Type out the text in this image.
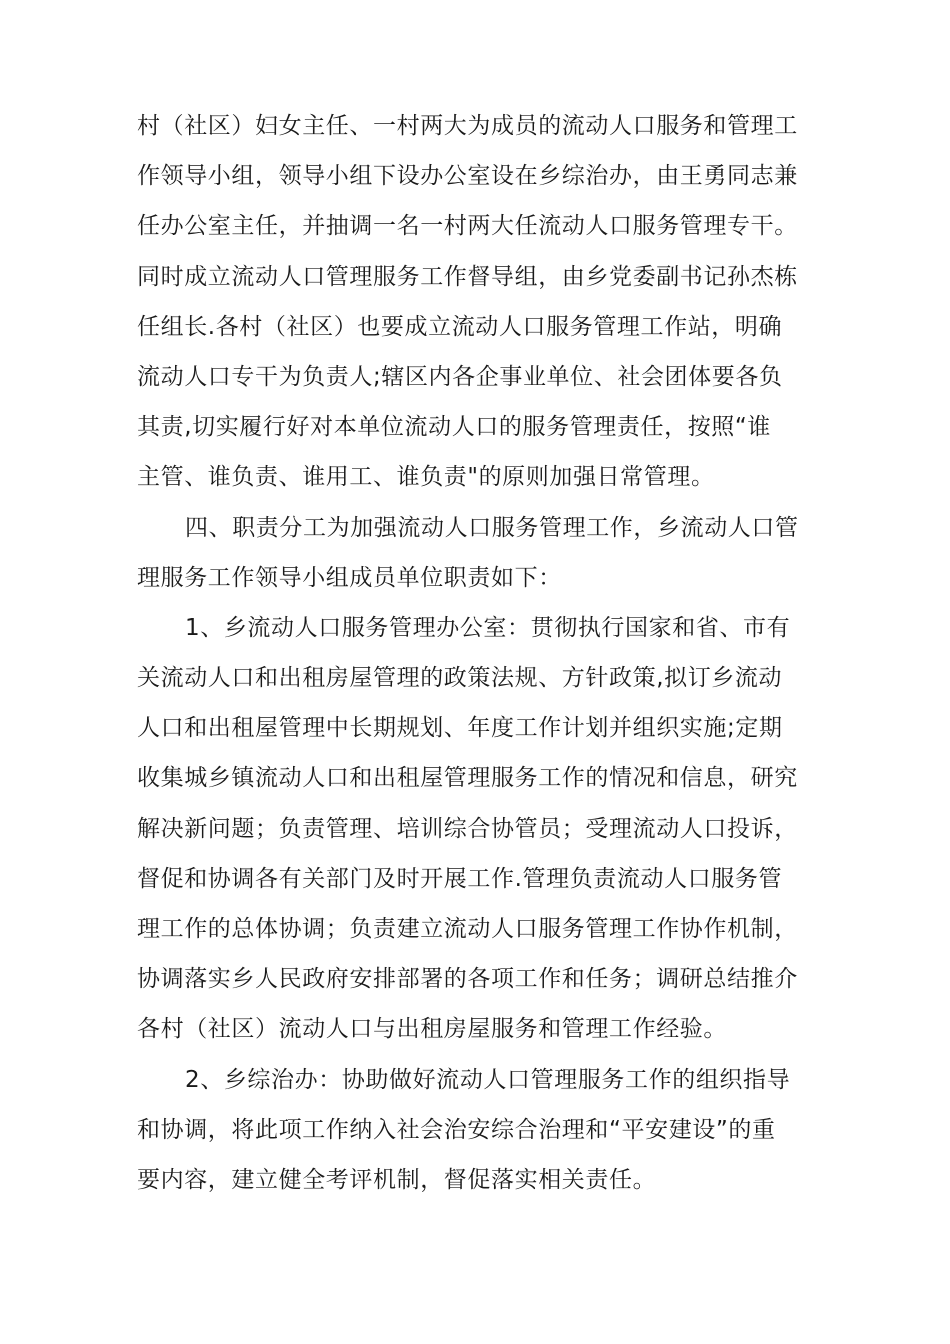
村（社区）妇女主任、一村两大为成员的流动人口服务和管理工
作领导小组，领导小组下设办公室设在乡综治办，由王勇同志兼
任办公室主任，并抽调一名一村两大任流动人口服务管理专干。
同时成立流动人口管理服务工作督导组，由乡党委副书记孙杰栋
任组长.各村（社区）也要成立流动人口服务管理工作站，明确
流动人口专干为负责人;辖区内各企事业单位、社会团体要各负
其责,切实履行好对本单位流动人口的服务管理责任，按照“谁
主管、谁负责、谁用工、谁负责"的原则加强日常管理。
四、职责分工为加强流动人口服务管理工作，乡流动人口管
理服务工作领导小组成员单位职责如下：
1、乡流动人口服务管理办公室：贯彻执行国家和省、市有
关流动人口和出租房屋管理的政策法规、方针政策,拟订乡流动
人口和出租屋管理中长期规划、年度工作计划并组织实施;定期
收集城乡镇流动人口和出租屋管理服务工作的情况和信息，研究
解决新问题；负责管理、培训综合协管员；受理流动人口投诉，
督促和协调各有关部门及时开展工作.管理负责流动人口服务管
理工作的总体协调；负责建立流动人口服务管理工作协作机制，
协调落实乡人民政府安排部署的各项工作和任务；调研总结推介
各村（社区）流动人口与出租房屋服务和管理工作经验。
2、乡综治办：协助做好流动人口管理服务工作的组织指导
和协调，将此项工作纳入社会治安综合治理和“平安建设”的重
要内容，建立健全考评机制，督促落实相关责任。
